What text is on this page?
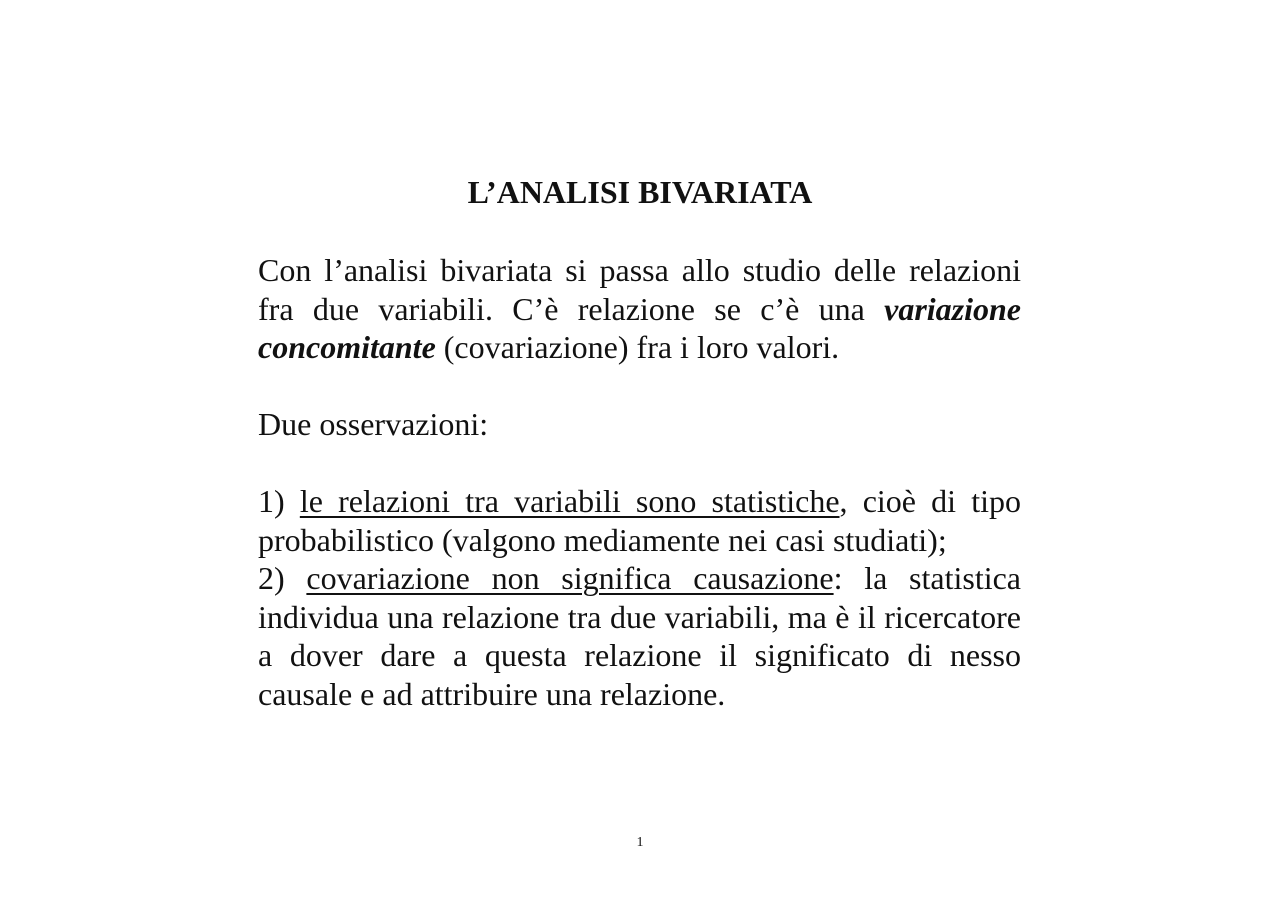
L’ANALISI BIVARIATA

Con l’analisi bivariata si passa allo studio delle relazioni fra due variabili. C’è relazione se c’è una variazione concomitante (covariazione) fra i loro valori.

Due osservazioni:

1) le relazioni tra variabili sono statistiche, cioè di tipo probabilistico (valgono mediamente nei casi studiati);

2) covariazione non significa causazione: la statistica individua una relazione tra due variabili, ma è il ricercatore a dover dare a questa relazione il significato di nesso causale e ad attribuire una relazione.

1
